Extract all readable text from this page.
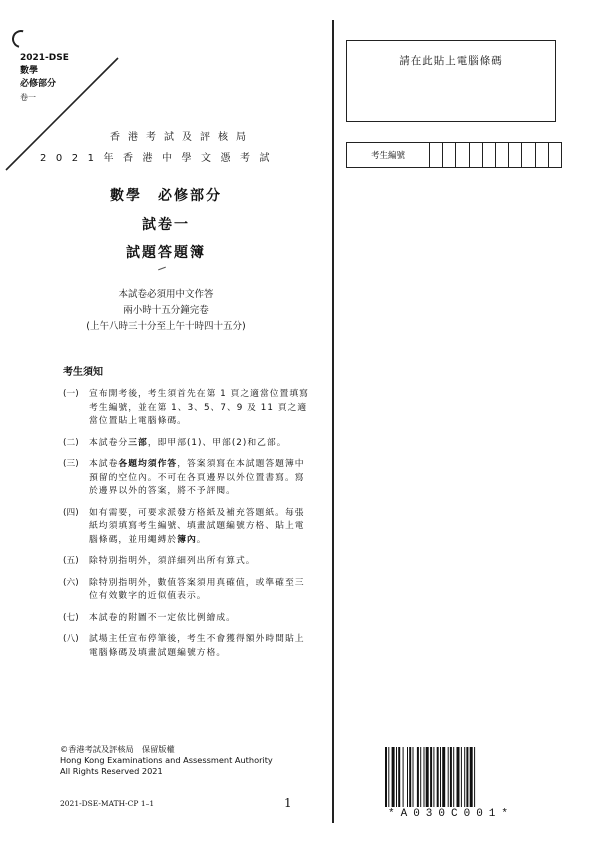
2021-DSE
數學
必修部分
卷一
香港考試及評核局
2021年香港中學文憑考試
請在此貼上電腦條碼
考生編號
數學　必修部分
試卷一
試題答題簿
本試卷必須用中文作答
兩小時十五分鐘完卷
(上午八時三十分至上午十時四十五分)
考生須知
(一)	宣布開考後，考生須首先在第 1 頁之適當位置填寫考生編號，並在第 1、3、5、7、9 及 11 頁之適當位置貼上電腦條碼。
(二)	本試卷分三部，即甲部(1)、甲部(2)和乙部。
(三)	本試卷各題均須作答，答案須寫在本試題答題簿中預留的空位內。不可在各頁邊界以外位置書寫。寫於邊界以外的答案，將不予評閱。
(四)	如有需要，可要求派發方格紙及補充答題紙。每張紙均須填寫考生編號、填畫試題編號方格、貼上電腦條碼，並用繩縛於簿內。
(五)	除特別指明外，須詳細列出所有算式。
(六)	除特別指明外，數值答案須用真確值，或準確至三位有效數字的近似值表示。
(七)	本試卷的附圖不一定依比例繪成。
(八)	試場主任宣布停筆後，考生不會獲得額外時間貼上電腦條碼及填畫試題編號方格。
©香港考試及評核局　保留版權
Hong Kong Examinations and Assessment Authority
All Rights Reserved 2021
2021-DSE-MATH-CP 1–1	1
*A030C001*
